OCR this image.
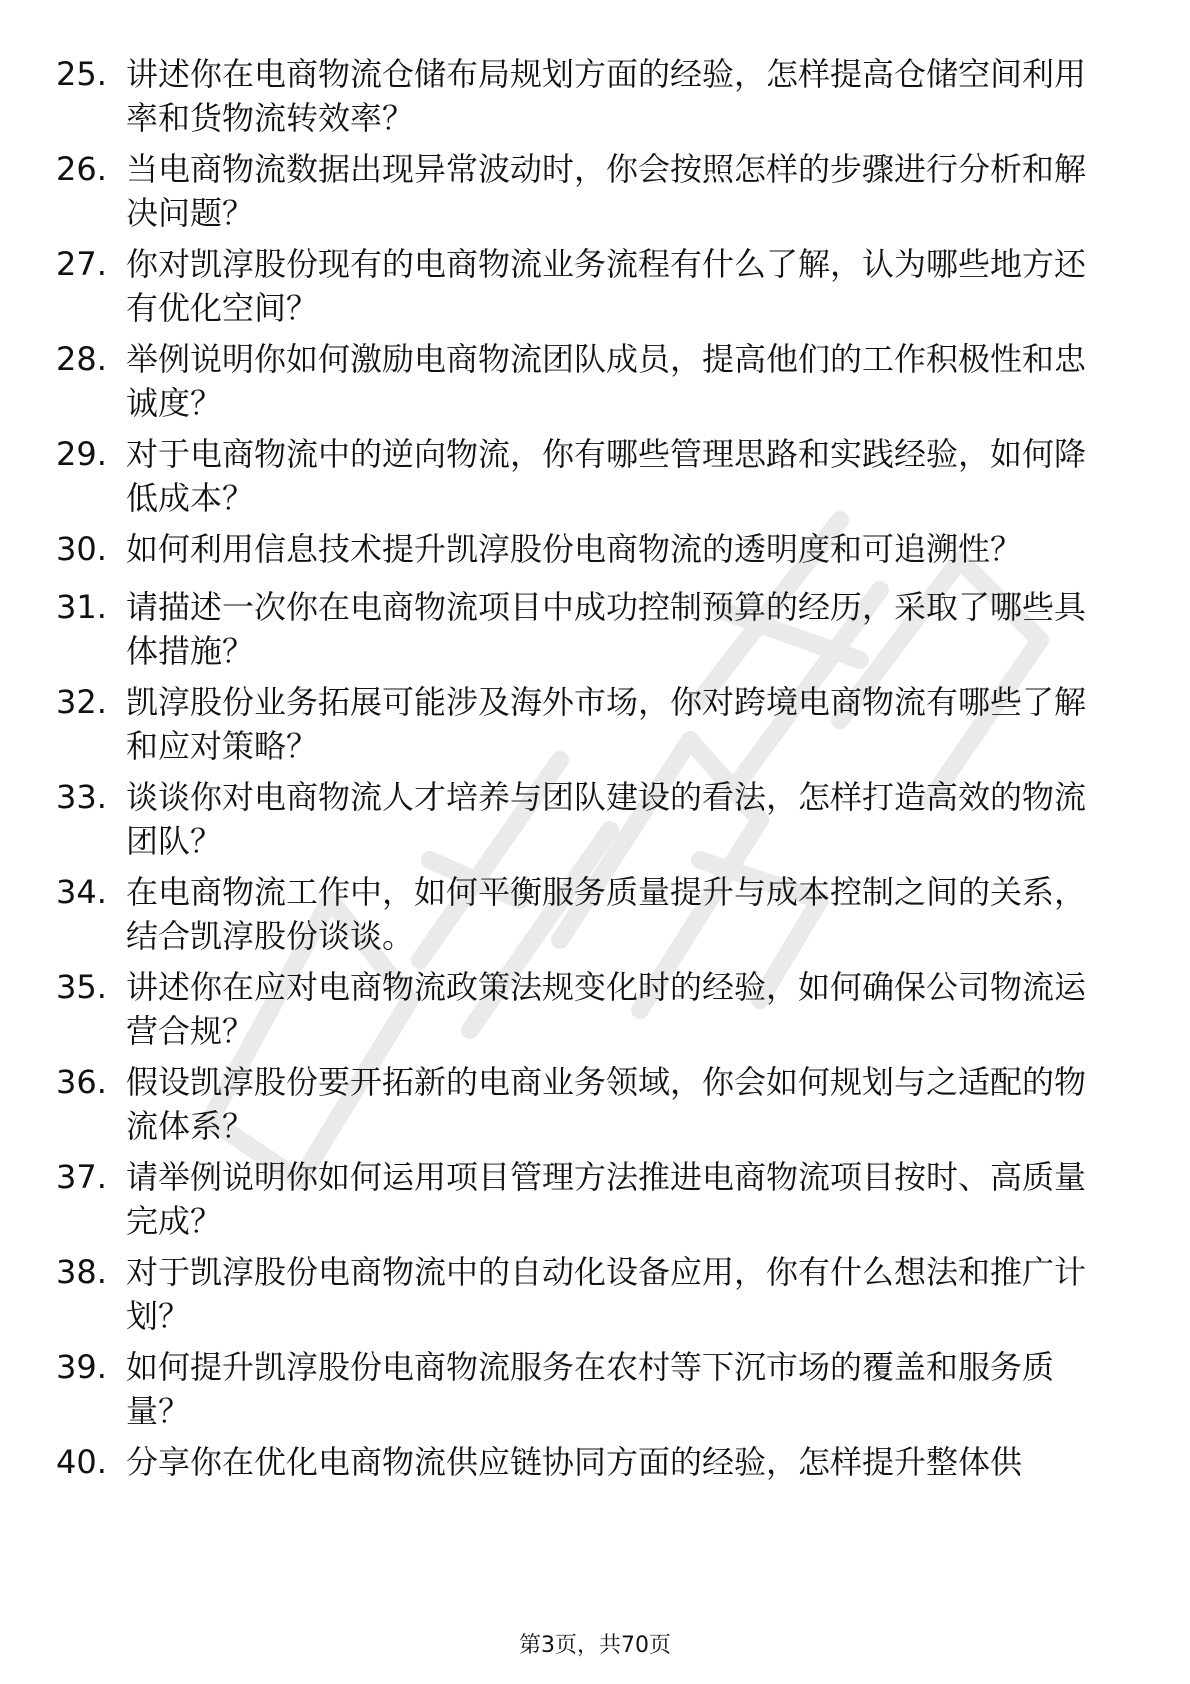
25. 讲述你在电商物流仓储布局规划方面的经验，怎样提高仓储空间利用率和货物流转效率？
26. 当电商物流数据出现异常波动时，你会按照怎样的步骤进行分析和解决问题？
27. 你对凯淳股份现有的电商物流业务流程有什么了解，认为哪些地方还有优化空间？
28. 举例说明你如何激励电商物流团队成员，提高他们的工作积极性和忠诚度？
29. 对于电商物流中的逆向物流，你有哪些管理思路和实践经验，如何降低成本？
30. 如何利用信息技术提升凯淳股份电商物流的透明度和可追溯性？
31. 请描述一次你在电商物流项目中成功控制预算的经历，采取了哪些具体措施？
32. 凯淳股份业务拓展可能涉及海外市场，你对跨境电商物流有哪些了解和应对策略？
33. 谈谈你对电商物流人才培养与团队建设的看法，怎样打造高效的物流团队？
34. 在电商物流工作中，如何平衡服务质量提升与成本控制之间的关系，结合凯淳股份谈谈。
35. 讲述你在应对电商物流政策法规变化时的经验，如何确保公司物流运营合规？
36. 假设凯淳股份要开拓新的电商业务领域，你会如何规划与之适配的物流体系？
37. 请举例说明你如何运用项目管理方法推进电商物流项目按时、高质量完成？
38. 对于凯淳股份电商物流中的自动化设备应用，你有什么想法和推广计划？
39. 如何提升凯淳股份电商物流服务在农村等下沉市场的覆盖和服务质量？
40. 分享你在优化电商物流供应链协同方面的经验，怎样提升整体供
第3页，共70页
